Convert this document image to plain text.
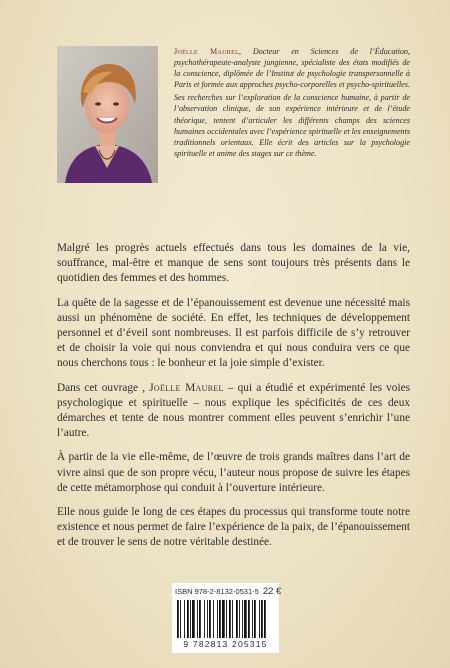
Joëlle Maurel, Docteur en Sciences de l’Éducation, psychothérapeute-analyste jungienne, spécialiste des états modifiés de la conscience, diplômée de l’Institut de psychologie transpersonnelle à Paris et formée aux approches psycho-corporelles et psycho-spirituelles.

Ses recherches sur l’exploration de la conscience humaine, à partir de l’observation clinique, de son expérience intérieure et de l’étude théorique, tentent d’articuler les différents champs des sciences humaines occidentales avec l’expérience spirituelle et les enseignements traditionnels orientaux. Elle écrit des articles sur la psychologie spirituelle et anime des stages sur ce thème.

Malgré les progrès actuels effectués dans tous les domaines de la vie, souffrance, mal-être et manque de sens sont toujours très présents dans le quotidien des femmes et des hommes.

La quête de la sagesse et de l’épanouissement est devenue une nécessité mais aussi un phénomène de société. En effet, les techniques de développement personnel et d’éveil sont nombreuses. Il est parfois difficile de s’y retrouver et de choisir la voie qui nous conviendra et qui nous conduira vers ce que nous cherchons tous : le bonheur et la joie simple d’exister.

Dans cet ouvrage , Joëlle Maurel – qui a étudié et expérimenté les voies psychologique et spirituelle – nous explique les spécificités de ces deux démarches et tente de nous montrer comment elles peuvent s’enrichir l’une l’autre.

À partir de la vie elle-même, de l’œuvre de trois grands maîtres dans l’art de vivre ainsi que de son propre vécu, l’auteur nous propose de suivre les étapes de cette métamorphose qui conduit à l’ouverture intérieure.

Elle nous guide le long de ces étapes du processus qui transforme toute notre existence et nous permet de faire l’expérience de la paix, de l’épanouissement et de trouver le sens de notre véritable destinée.

ISBN 978-2-8132-0531-5 22 €
9 782813 205315
